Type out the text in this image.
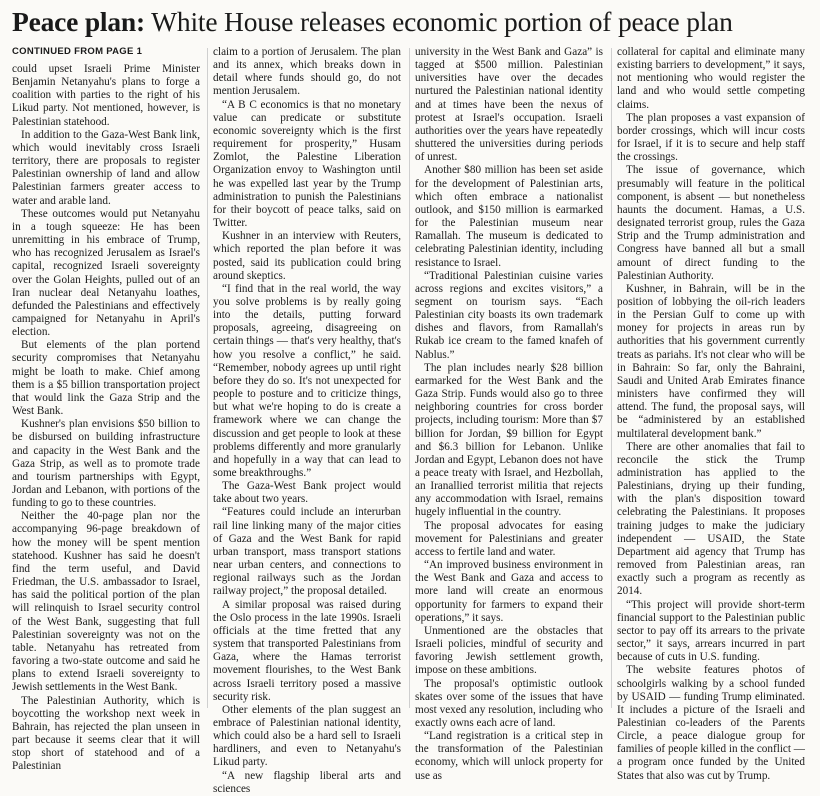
Peace plan: White House releases economic portion of peace plan
CONTINUED FROM PAGE 1

could upset Israeli Prime Minister Benjamin Netanyahu's plans to forge a coalition with parties to the right of his Likud party. Not mentioned, however, is Palestinian statehood.

In addition to the Gaza-West Bank link, which would inevitably cross Israeli territory, there are proposals to register Palestinian ownership of land and allow Palestinian farmers greater access to water and arable land.

These outcomes would put Netanyahu in a tough squeeze: He has been unremitting in his embrace of Trump, who has recognized Jerusalem as Israel's capital, recognized Israeli sovereignty over the Golan Heights, pulled out of an Iran nuclear deal Netanyahu loathes, defunded the Palestinians and effectively campaigned for Netanyahu in April's election.

But elements of the plan portend security compromises that Netanyahu might be loath to make. Chief among them is a $5 billion transportation project that would link the Gaza Strip and the West Bank.

Kushner's plan envisions $50 billion to be disbursed on building infrastructure and capacity in the West Bank and the Gaza Strip, as well as to promote trade and tourism partnerships with Egypt, Jordan and Lebanon, with portions of the funding to go to these countries.

Neither the 40-page plan nor the accompanying 96-page breakdown of how the money will be spent mention statehood. Kushner has said he doesn't find the term useful, and David Friedman, the U.S. ambassador to Israel, has said the political portion of the plan will relinquish to Israel security control of the West Bank, suggesting that full Palestinian sovereignty was not on the table. Netanyahu has retreated from favoring a two-state outcome and said he plans to extend Israeli sovereignty to Jewish settlements in the West Bank.

The Palestinian Authority, which is boycotting the workshop next week in Bahrain, has rejected the plan unseen in part because it seems clear that it will stop short of statehood and of a Palestinian

claim to a portion of Jerusalem. The plan and its annex, which breaks down in detail where funds should go, do not mention Jerusalem.

“A B C economics is that no monetary value can predicate or substitute economic sovereignty which is the first requirement for prosperity,” Husam Zomlot, the Palestine Liberation Organization envoy to Washington until he was expelled last year by the Trump administration to punish the Palestinians for their boycott of peace talks, said on Twitter.

Kushner in an interview with Reuters, which reported the plan before it was posted, said its publication could bring around skeptics.

“I find that in the real world, the way you solve problems is by really going into the details, putting forward proposals, agreeing, disagreeing on certain things — that's very healthy, that's how you resolve a conflict,” he said. “Remember, nobody agrees up until right before they do so. It's not unexpected for people to posture and to criticize things, but what we're hoping to do is create a framework where we can change the discussion and get people to look at these problems differently and more granularly and hopefully in a way that can lead to some breakthroughs.”

The Gaza-West Bank project would take about two years.

“Features could include an interurban rail line linking many of the major cities of Gaza and the West Bank for rapid urban transport, mass transport stations near urban centers, and connections to regional railways such as the Jordan railway project,” the proposal detailed.

A similar proposal was raised during the Oslo process in the late 1990s. Israeli officials at the time fretted that any system that transported Palestinians from Gaza, where the Hamas terrorist movement flourishes, to the West Bank across Israeli territory posed a massive security risk.

Other elements of the plan suggest an embrace of Palestinian national identity, which could also be a hard sell to Israeli hardliners, and even to Netanyahu's Likud party.

“A new flagship liberal arts and sciences

university in the West Bank and Gaza” is tagged at $500 million. Palestinian universities have over the decades nurtured the Palestinian national identity and at times have been the nexus of protest at Israel's occupation. Israeli authorities over the years have repeatedly shuttered the universities during periods of unrest.

Another $80 million has been set aside for the development of Palestinian arts, which often embrace a nationalist outlook, and $150 million is earmarked for the Palestinian museum near Ramallah. The museum is dedicated to celebrating Palestinian identity, including resistance to Israel.

“Traditional Palestinian cuisine varies across regions and excites visitors,” a segment on tourism says. “Each Palestinian city boasts its own trademark dishes and flavors, from Ramallah's Rukab ice cream to the famed knafeh of Nablus.”

The plan includes nearly $28 billion earmarked for the West Bank and the Gaza Strip. Funds would also go to three neighboring countries for cross border projects, including tourism: More than $7 billion for Jordan, $9 billion for Egypt and $6.3 billion for Lebanon. Unlike Jordan and Egypt, Lebanon does not have a peace treaty with Israel, and Hezbollah, an Iranallied terrorist militia that rejects any accommodation with Israel, remains hugely influential in the country.

The proposal advocates for easing movement for Palestinians and greater access to fertile land and water.

“An improved business environment in the West Bank and Gaza and access to more land will create an enormous opportunity for farmers to expand their operations,” it says.

Unmentioned are the obstacles that Israeli policies, mindful of security and favoring Jewish settlement growth, impose on these ambitions.

The proposal's optimistic outlook skates over some of the issues that have most vexed any resolution, including who exactly owns each acre of land.

“Land registration is a critical step in the transformation of the Palestinian economy, which will unlock property for use as

collateral for capital and eliminate many existing barriers to development,” it says, not mentioning who would register the land and who would settle competing claims.

The plan proposes a vast expansion of border crossings, which will incur costs for Israel, if it is to secure and help staff the crossings.

The issue of governance, which presumably will feature in the political component, is absent — but nonetheless haunts the document. Hamas, a U.S. designated terrorist group, rules the Gaza Strip and the Trump administration and Congress have banned all but a small amount of direct funding to the Palestinian Authority.

Kushner, in Bahrain, will be in the position of lobbying the oil-rich leaders in the Persian Gulf to come up with money for projects in areas run by authorities that his government currently treats as pariahs. It's not clear who will be in Bahrain: So far, only the Bahraini, Saudi and United Arab Emirates finance ministers have confirmed they will attend. The fund, the proposal says, will be “administered by an established multilateral development bank.”

There are other anomalies that fail to reconcile the stick the Trump administration has applied to the Palestinians, drying up their funding, with the plan's disposition toward celebrating the Palestinians. It proposes training judges to make the judiciary independent — USAID, the State Department aid agency that Trump has removed from Palestinian areas, ran exactly such a program as recently as 2014.

“This project will provide short-term financial support to the Palestinian public sector to pay off its arrears to the private sector,” it says, arrears incurred in part because of cuts in U.S. funding.

The website features photos of schoolgirls walking by a school funded by USAID — funding Trump eliminated. It includes a picture of the Israeli and Palestinian co-leaders of the Parents Circle, a peace dialogue group for families of people killed in the conflict — a program once funded by the United States that also was cut by Trump.
